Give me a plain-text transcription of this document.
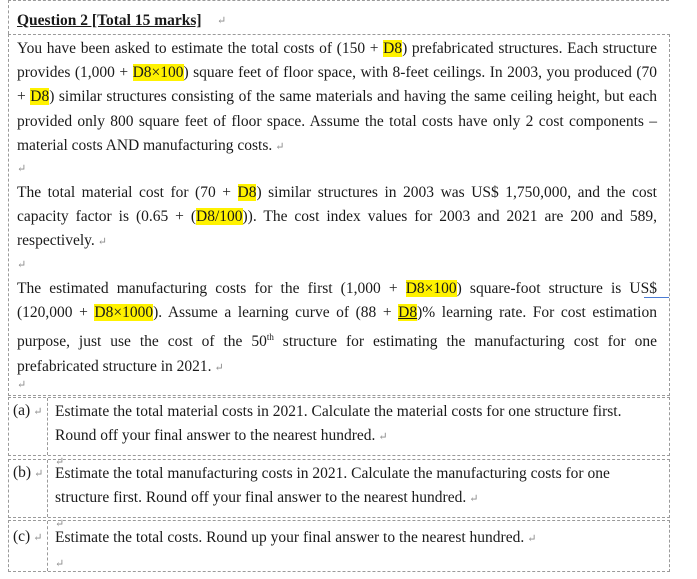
Question 2 [Total 15 marks] ↵
You have been asked to estimate the total costs of (150 + D8) prefabricated structures. Each structure provides (1,000 + D8×100) square feet of floor space, with 8-feet ceilings. In 2003, you produced (70 + D8) similar structures consisting of the same materials and having the same ceiling height, but each provided only 800 square feet of floor space. Assume the total costs have only 2 cost components – material costs AND manufacturing costs. ↵
↵
The total material cost for (70 + D8) similar structures in 2003 was US$ 1,750,000, and the cost capacity factor is (0.65 + (D8/100)). The cost index values for 2003 and 2021 are 200 and 589, respectively. ↵
↵
The estimated manufacturing costs for the first (1,000 + D8×100) square-foot structure is US$ (120,000 + D8×1000). Assume a learning curve of (88 + D8)% learning rate. For cost estimation purpose, just use the cost of the 50th structure for estimating the manufacturing cost for one prefabricated structure in 2021. ↵
↵
(a) ↵ Estimate the total material costs in 2021. Calculate the material costs for one structure first. Round off your final answer to the nearest hundred. ↵
↵
(b) ↵ Estimate the total manufacturing costs in 2021. Calculate the manufacturing costs for one structure first. Round off your final answer to the nearest hundred. ↵
↵
(c) ↵ Estimate the total costs. Round up your final answer to the nearest hundred. ↵
↵
